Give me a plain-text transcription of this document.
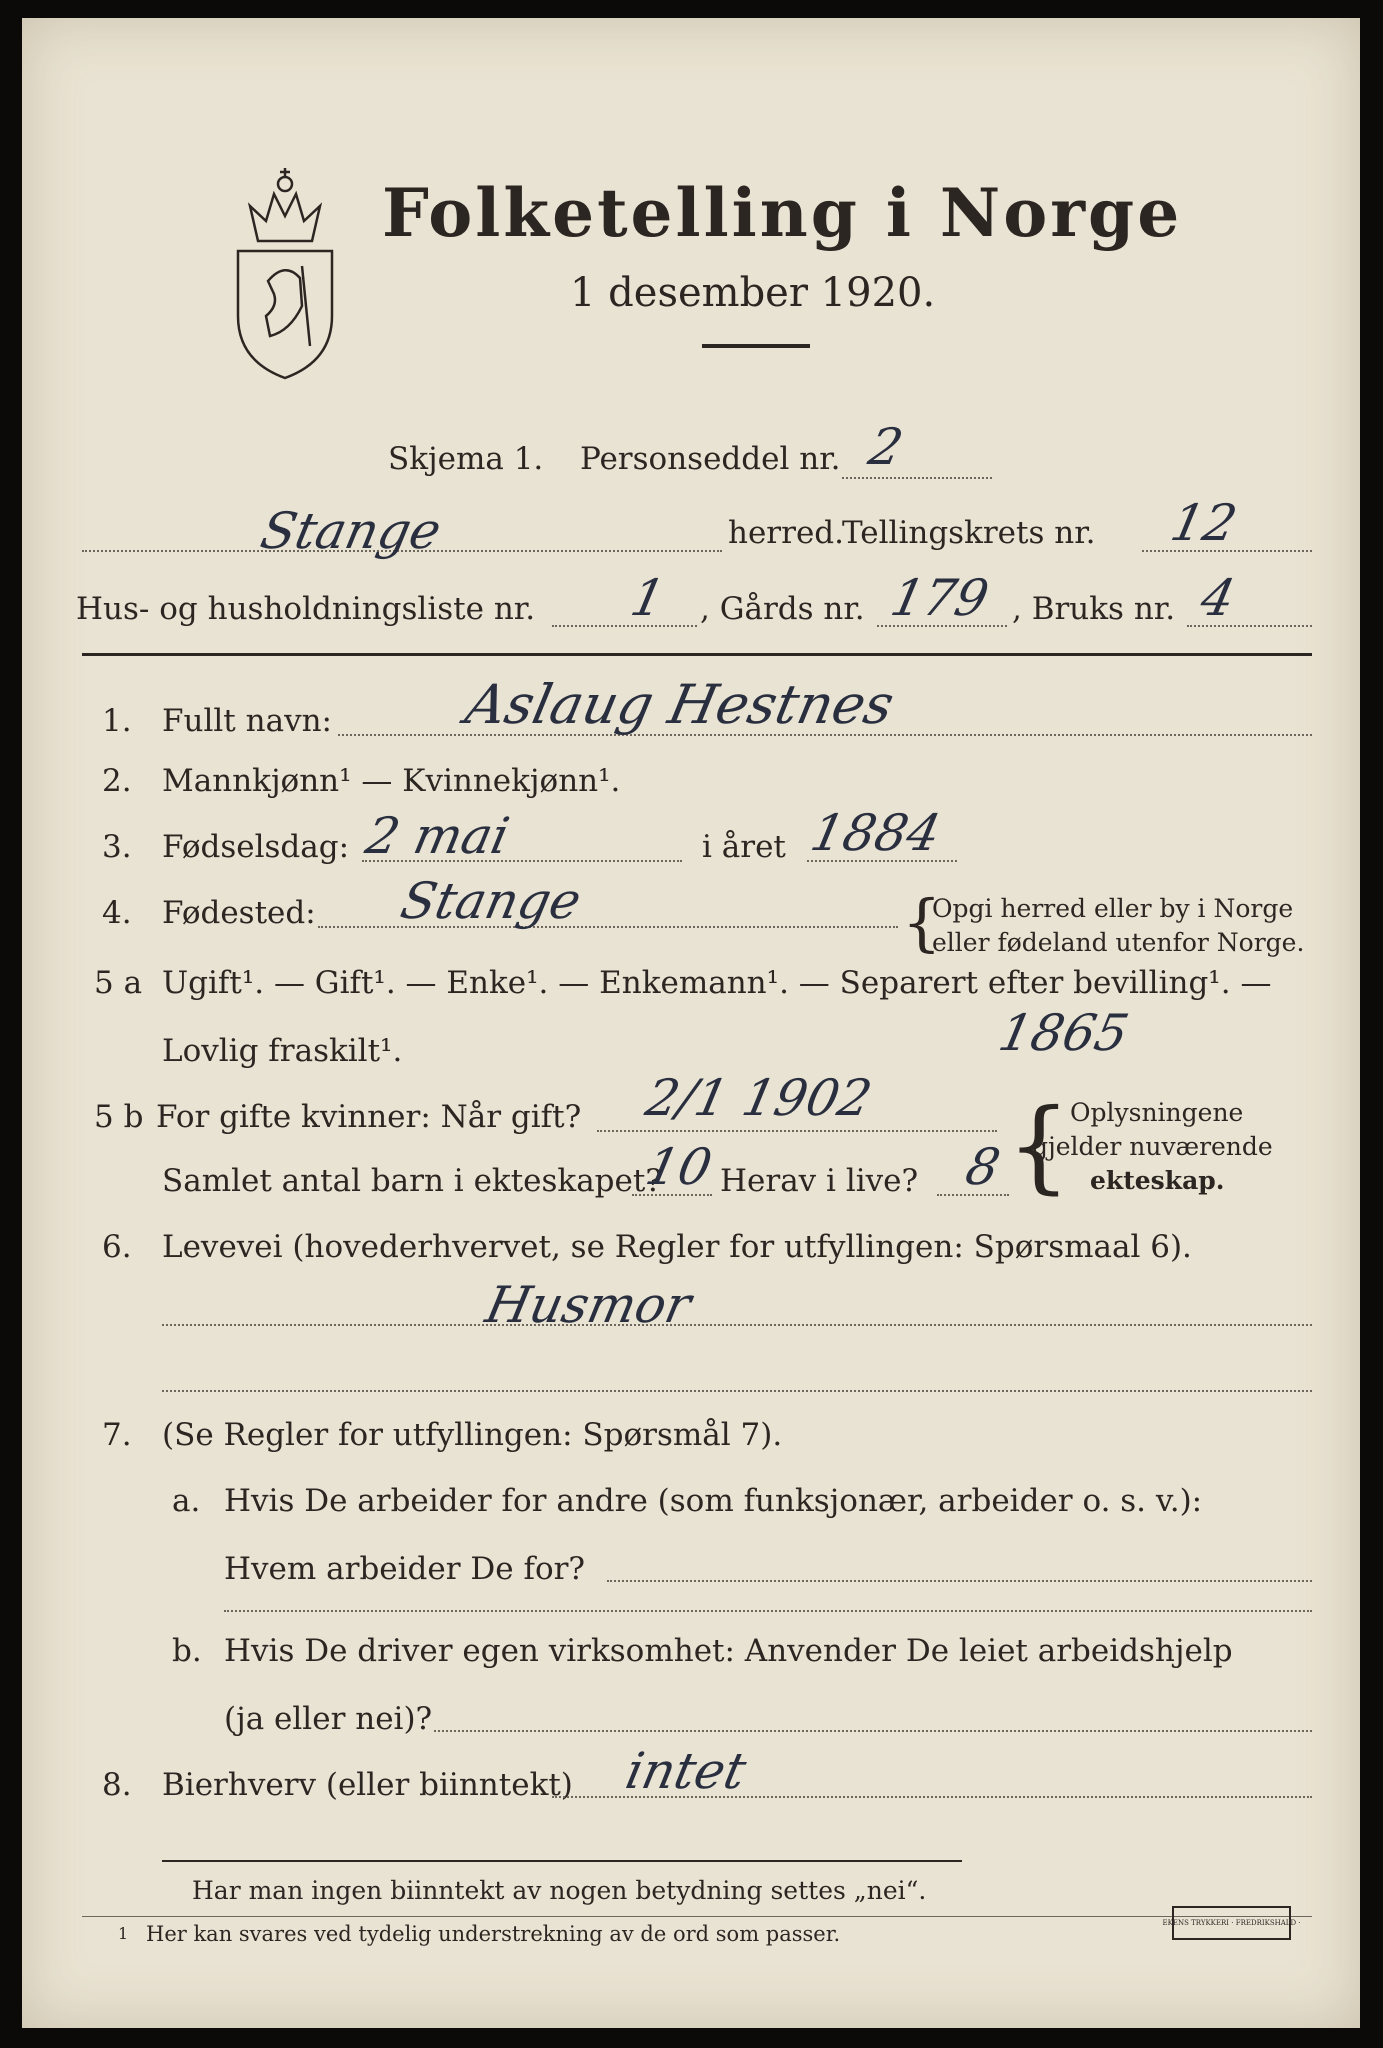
Folketelling i Norge
1 desember 1920.
Skjema 1. Personseddel nr. 2
Stange	herred.
Tellingskrets nr. 12
Hus- og husholdningsliste nr. 1 , Gårds nr. 179 , Bruks nr. 4
1. Fullt navn: Aslaug Hestnes
2. Mannkjønn¹ — Kvinnekjønn¹.
3. Fødselsdag: 2 mai	i året 1884
4. Fødested: Stange	{
Opgi herred eller by i Norge
eller fødeland utenfor Norge.
5 a Ugift¹. — Gift¹. — Enke¹. — Enkemann¹. — Separert efter bevilling¹. —
Lovlig fraskilt¹.	1865
5 b For gifte kvinner: Når gift? 2/1 1902
Samlet antal barn i ekteskapet?
10 Herav i live? 8 { Oplysningene
gjelder nuværende
ekteskap.
6. Levevei (hovederhvervet, se Regler for utfyllingen: Spørsmaal 6).
Husmor
7. (Se Regler for utfyllingen: Spørsmål 7).
a. Hvis De arbeider for andre (som funksjonær, arbeider o. s. v.):
Hvem arbeider De for?
b. Hvis De driver egen virksomhet: Anvender De leiet arbeidshjelp
(ja eller nei)?
8. Bierhverv (eller biinntekt) intet
Har man ingen biinntekt av nogen betydning settes „nei“.
1 Her kan svares ved tydelig understrekning av de ord som passer.	EKENS TRYKKERI · FREDRIKSHALD ·
